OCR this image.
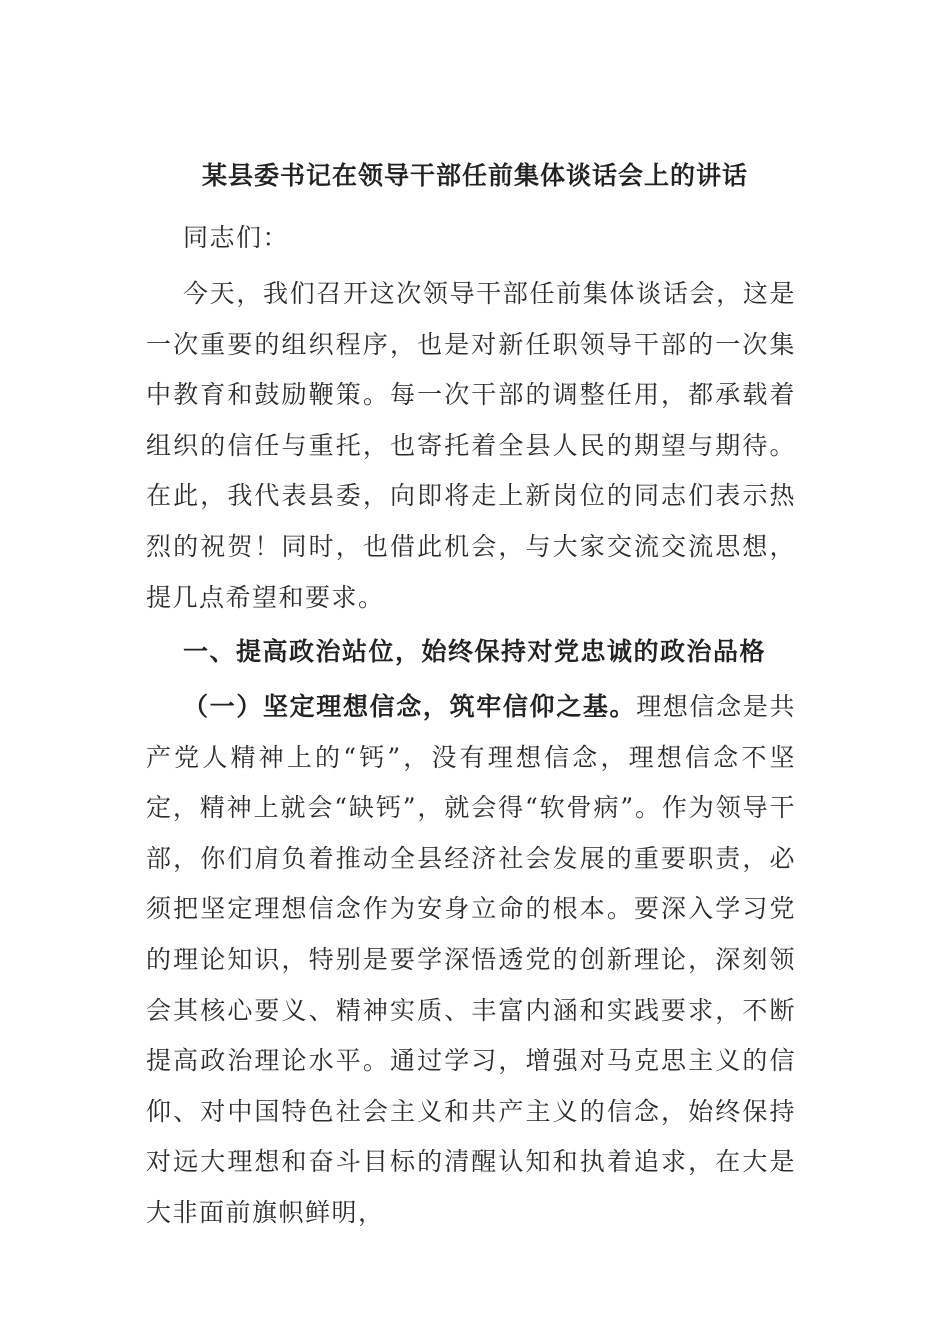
某县委书记在领导干部任前集体谈话会上的讲话

同志们：

今天，我们召开这次领导干部任前集体谈话会，这是一次重要的组织程序，也是对新任职领导干部的一次集中教育和鼓励鞭策。每一次干部的调整任用，都承载着组织的信任与重托，也寄托着全县人民的期望与期待。在此，我代表县委，向即将走上新岗位的同志们表示热烈的祝贺！同时，也借此机会，与大家交流交流思想，提几点希望和要求。

一、提高政治站位，始终保持对党忠诚的政治品格

（一）坚定理想信念，筑牢信仰之基。理想信念是共产党人精神上的“钙”，没有理想信念，理想信念不坚定，精神上就会“缺钙”，就会得“软骨病”。作为领导干部，你们肩负着推动全县经济社会发展的重要职责，必须把坚定理想信念作为安身立命的根本。要深入学习党的理论知识，特别是要学深悟透党的创新理论，深刻领会其核心要义、精神实质、丰富内涵和实践要求，不断提高政治理论水平。通过学习，增强对马克思主义的信仰、对中国特色社会主义和共产主义的信念，始终保持对远大理想和奋斗目标的清醒认知和执着追求，在大是大非面前旗帜鲜明，
